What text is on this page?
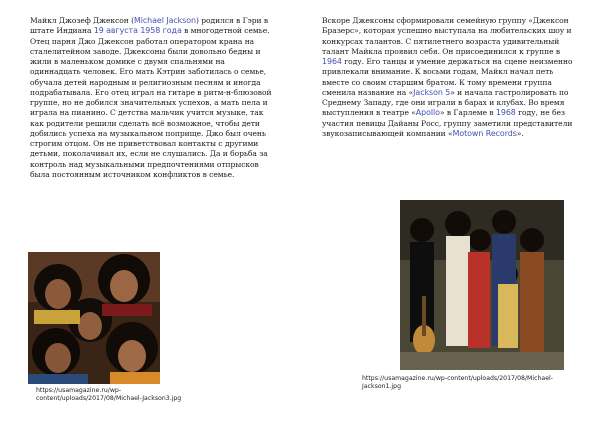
Майкл Джозеф Джексон (Michael Jackson) родился в Гэри в штате Индиана 19 августа 1958 года в многодетной семье. Отец парня Джо Джексон работал оператором крана на сталелитейном заводе. Джексоны были довольно бедны и жили в маленьком домике с двумя спальнями на одиннадцать человек. Его мать Кэтрин заботилась о семье, обучала детей народным и религиозным песням и иногда подрабатывала. Его отец играл на гитаре в ритм-н-блюзовой группе, но не добился значительных успехов, а мать пела и играла на пианино. С детства мальчик учится музыке, так как родители решили сделать всё возможное, чтобы дети добились успеха на музыкальном поприще. Джо был очень строгим отцом. Он не приветствовал контакты с другими детьми, поколачивал их, если не слушались. Да и борьба за контроль над музыкальными предпочтениями отпрысков была постоянным источником конфликтов в семье.
Вскоре Джексоны сформировали семейную группу «Джексон Бразерс», которая успешно выступала на любительских шоу и конкурсах талантов. С пятилетнего возраста удивительный талант Майкла проявил себя. Он присоединился к группе в 1964 году. Его танцы и умение держаться на сцене неизменно привлекали внимание. К восьми годам, Майкл начал петь вместе со своим старшим братом. К тому времени группа сменила название на «Jackson 5» и начала гастролировать по Среднему Западу, где они играли в барах и клубах. Во время выступления в театре «Apollo» в Гарлеме в 1968 году, не без участия певицы Дайаны Росс, группу заметили представители звукозаписывающей компании «Motown Records».
https://usamagazine.ru/wp-content/uploads/2017/08/Michael-Jackson3.jpg
https://usamagazine.ru/wp-content/uploads/2017/08/Michael-Jackson1.jpg
